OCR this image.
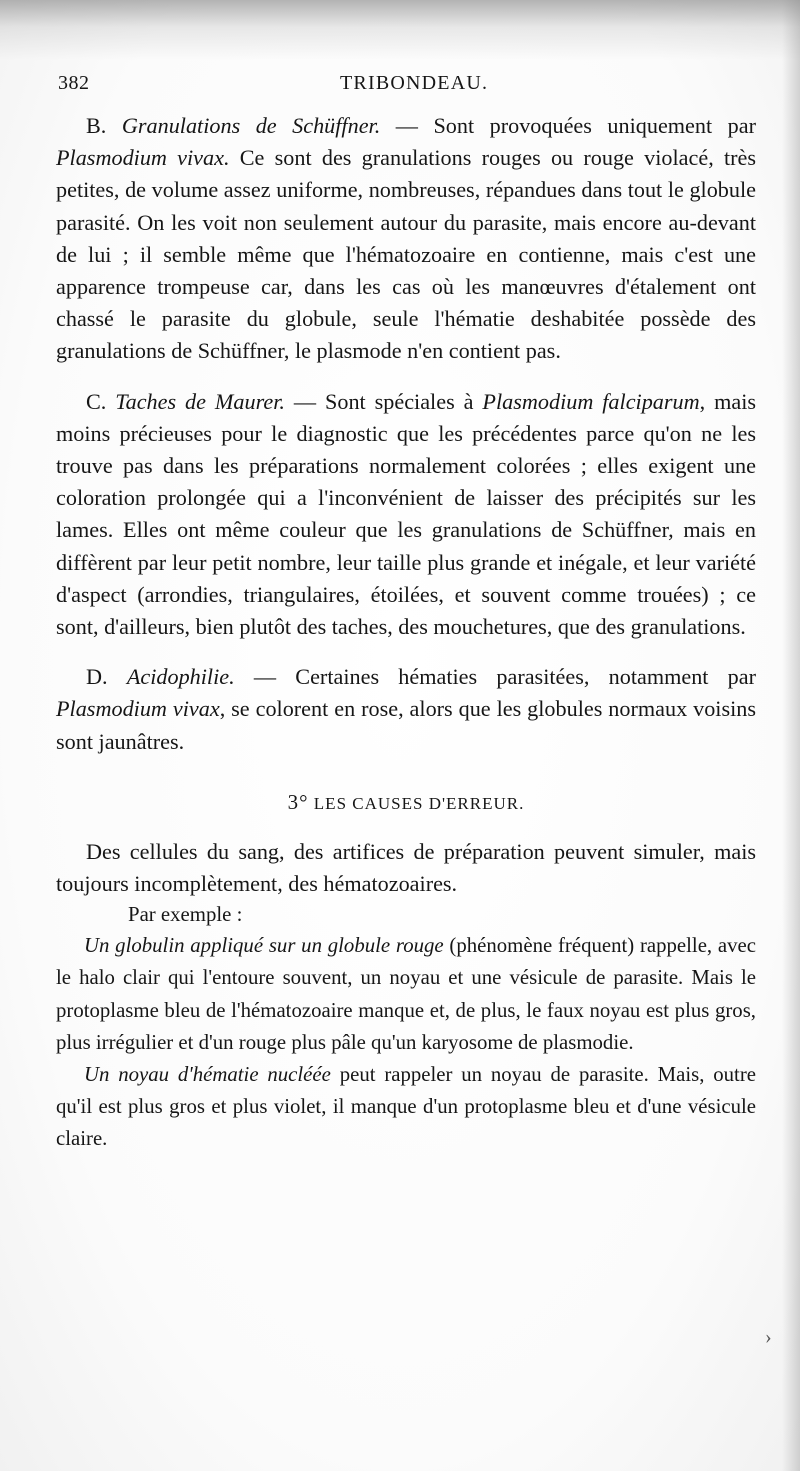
382	TRIBONDEAU.

B. Granulations de Schüffner. — Sont provoquées uniquement par Plasmodium vivax. Ce sont des granulations rouges ou rouge violacé, très petites, de volume assez uniforme, nombreuses, répandues dans tout le globule parasité. On les voit non seulement autour du parasite, mais encore au-devant de lui ; il semble même que l'hématozoaire en contienne, mais c'est une apparence trompeuse car, dans les cas où les manœuvres d'étalement ont chassé le parasite du globule, seule l'hématie deshabitée possède des granulations de Schüffner, le plasmode n'en contient pas.

C. Taches de Maurer. — Sont spéciales à Plasmodium falciparum, mais moins précieuses pour le diagnostic que les précédentes parce qu'on ne les trouve pas dans les préparations normalement colorées ; elles exigent une coloration prolongée qui a l'inconvénient de laisser des précipités sur les lames. Elles ont même couleur que les granulations de Schüffner, mais en diffèrent par leur petit nombre, leur taille plus grande et inégale, et leur variété d'aspect (arrondies, triangulaires, étoilées, et souvent comme trouées) ; ce sont, d'ailleurs, bien plutôt des taches, des mouchetures, que des granulations.

D. Acidophilie. — Certaines hématies parasitées, notamment par Plasmodium vivax, se colorent en rose, alors que les globules normaux voisins sont jaunâtres.

3° LES CAUSES D'ERREUR.

Des cellules du sang, des artifices de préparation peuvent simuler, mais toujours incomplètement, des hématozoaires.

Par exemple :

Un globulin appliqué sur un globule rouge (phénomène fréquent) rappelle, avec le halo clair qui l'entoure souvent, un noyau et une vésicule de parasite. Mais le protoplasme bleu de l'hématozoaire manque et, de plus, le faux noyau est plus gros, plus irrégulier et d'un rouge plus pâle qu'un karyosome de plasmodie.

Un noyau d'hématie nucléée peut rappeler un noyau de parasite. Mais, outre qu'il est plus gros et plus violet, il manque d'un protoplasme bleu et d'une vésicule claire.

›
